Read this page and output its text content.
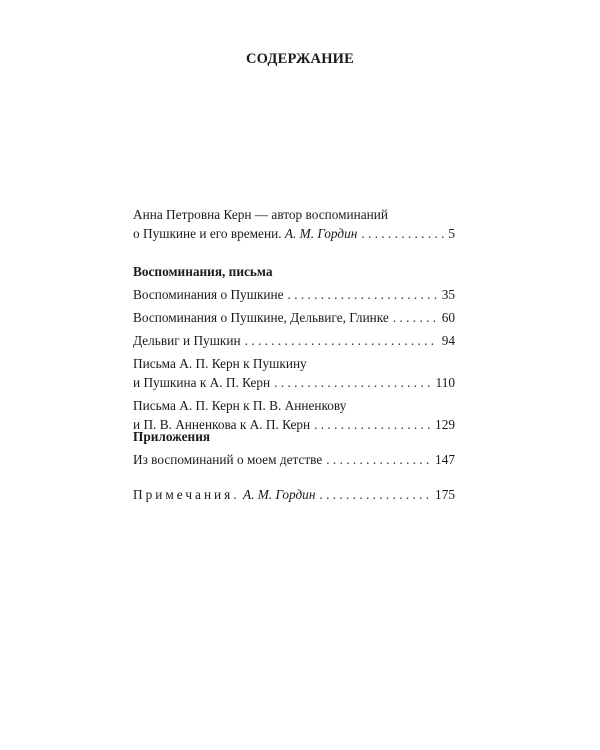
СОДЕРЖАНИЕ
Анна Петровна Керн — автор воспоминаний
о Пушкине и его времени. А. М. Гордин . . .	5
Воспоминания, письма
Воспоминания о Пушкине . . .	35
Воспоминания о Пушкине, Дельвиге, Глинке . . .	60
Дельвиг и Пушкин . . .	94
Письма А. П. Керн к Пушкину
и Пушкина к А. П. Керн . . .	110
Письма А. П. Керн к П. В. Анненкову
и П. В. Анненкова к А. П. Керн . . .	129
Приложения
Из воспоминаний о моем детстве . . .	147
Примечания. А. М. Гордин . . .	175
